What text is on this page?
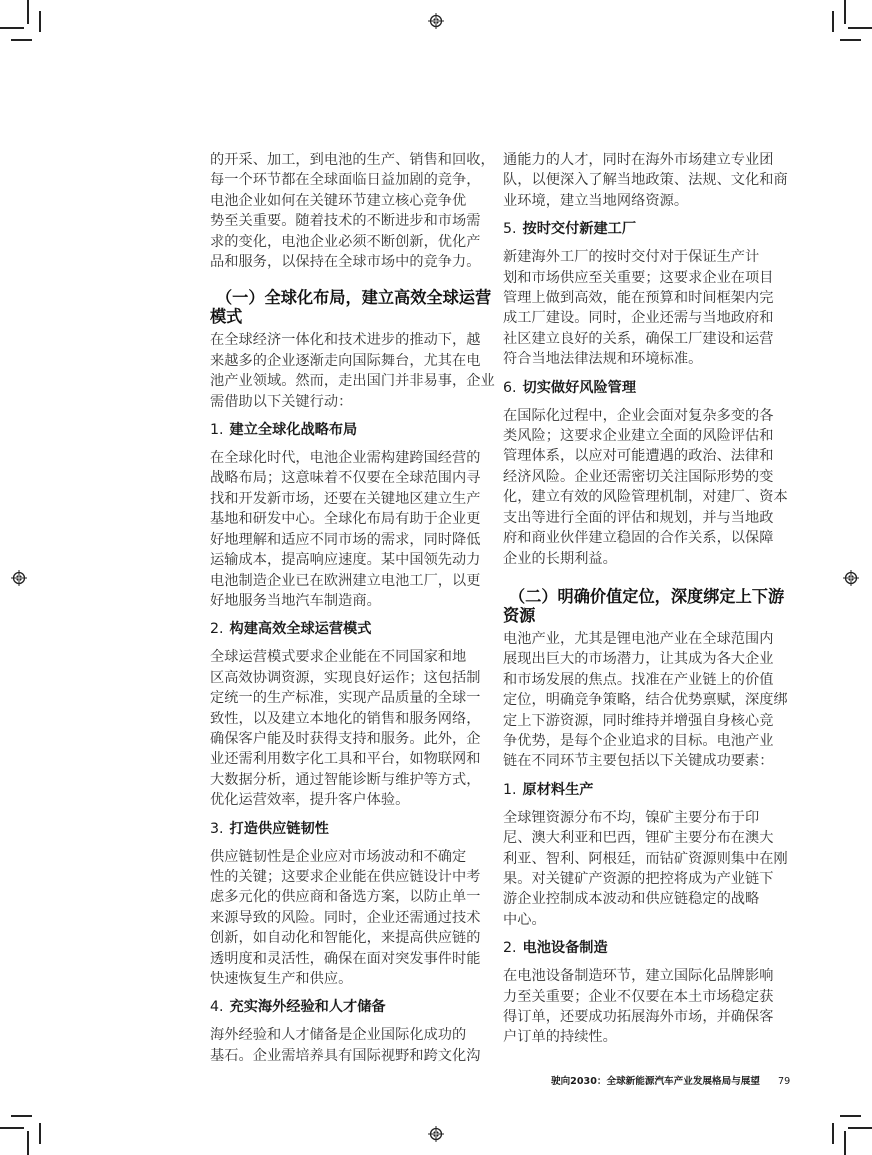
的开采、加工，到电池的生产、销售和回收，
每一个环节都在全球面临日益加剧的竞争，
电池企业如何在关键环节建立核心竞争优
势至关重要。随着技术的不断进步和市场需
求的变化，电池企业必须不断创新，优化产
品和服务，以保持在全球市场中的竞争力。

（一）全球化布局，建立高效全球运营
模式

在全球经济一体化和技术进步的推动下，越
来越多的企业逐渐走向国际舞台，尤其在电
池产业领域。然而，走出国门并非易事，企业
需借助以下关键行动：

1. 建立全球化战略布局

在全球化时代，电池企业需构建跨国经营的
战略布局；这意味着不仅要在全球范围内寻
找和开发新市场，还要在关键地区建立生产
基地和研发中心。全球化布局有助于企业更
好地理解和适应不同市场的需求，同时降低
运输成本，提高响应速度。某中国领先动力
电池制造企业已在欧洲建立电池工厂，以更
好地服务当地汽车制造商。

2. 构建高效全球运营模式

全球运营模式要求企业能在不同国家和地
区高效协调资源，实现良好运作；这包括制
定统一的生产标准，实现产品质量的全球一
致性，以及建立本地化的销售和服务网络，
确保客户能及时获得支持和服务。此外，企
业还需利用数字化工具和平台，如物联网和
大数据分析，通过智能诊断与维护等方式，
优化运营效率，提升客户体验。

3. 打造供应链韧性

供应链韧性是企业应对市场波动和不确定
性的关键；这要求企业能在供应链设计中考
虑多元化的供应商和备选方案，以防止单一
来源导致的风险。同时，企业还需通过技术
创新，如自动化和智能化，来提高供应链的
透明度和灵活性，确保在面对突发事件时能
快速恢复生产和供应。

4. 充实海外经验和人才储备

海外经验和人才储备是企业国际化成功的
基石。企业需培养具有国际视野和跨文化沟

通能力的人才，同时在海外市场建立专业团
队，以便深入了解当地政策、法规、文化和商
业环境，建立当地网络资源。

5. 按时交付新建工厂

新建海外工厂的按时交付对于保证生产计
划和市场供应至关重要；这要求企业在项目
管理上做到高效，能在预算和时间框架内完
成工厂建设。同时，企业还需与当地政府和
社区建立良好的关系，确保工厂建设和运营
符合当地法律法规和环境标准。

6. 切实做好风险管理

在国际化过程中，企业会面对复杂多变的各
类风险；这要求企业建立全面的风险评估和
管理体系，以应对可能遭遇的政治、法律和
经济风险。企业还需密切关注国际形势的变
化，建立有效的风险管理机制，对建厂、资本
支出等进行全面的评估和规划，并与当地政
府和商业伙伴建立稳固的合作关系，以保障
企业的长期利益。

（二）明确价值定位，深度绑定上下游
资源

电池产业，尤其是锂电池产业在全球范围内
展现出巨大的市场潜力，让其成为各大企业
和市场发展的焦点。找准在产业链上的价值
定位，明确竞争策略，结合优势禀赋，深度绑
定上下游资源，同时维持并增强自身核心竞
争优势，是每个企业追求的目标。电池产业
链在不同环节主要包括以下关键成功要素：

1. 原材料生产

全球锂资源分布不均，镍矿主要分布于印
尼、澳大利亚和巴西，锂矿主要分布在澳大
利亚、智利、阿根廷，而钴矿资源则集中在刚
果。对关键矿产资源的把控将成为产业链下
游企业控制成本波动和供应链稳定的战略
中心。

2. 电池设备制造

在电池设备制造环节，建立国际化品牌影响
力至关重要；企业不仅要在本土市场稳定获
得订单，还要成功拓展海外市场，并确保客
户订单的持续性。

驶向2030：全球新能源汽车产业发展格局与展望 79
